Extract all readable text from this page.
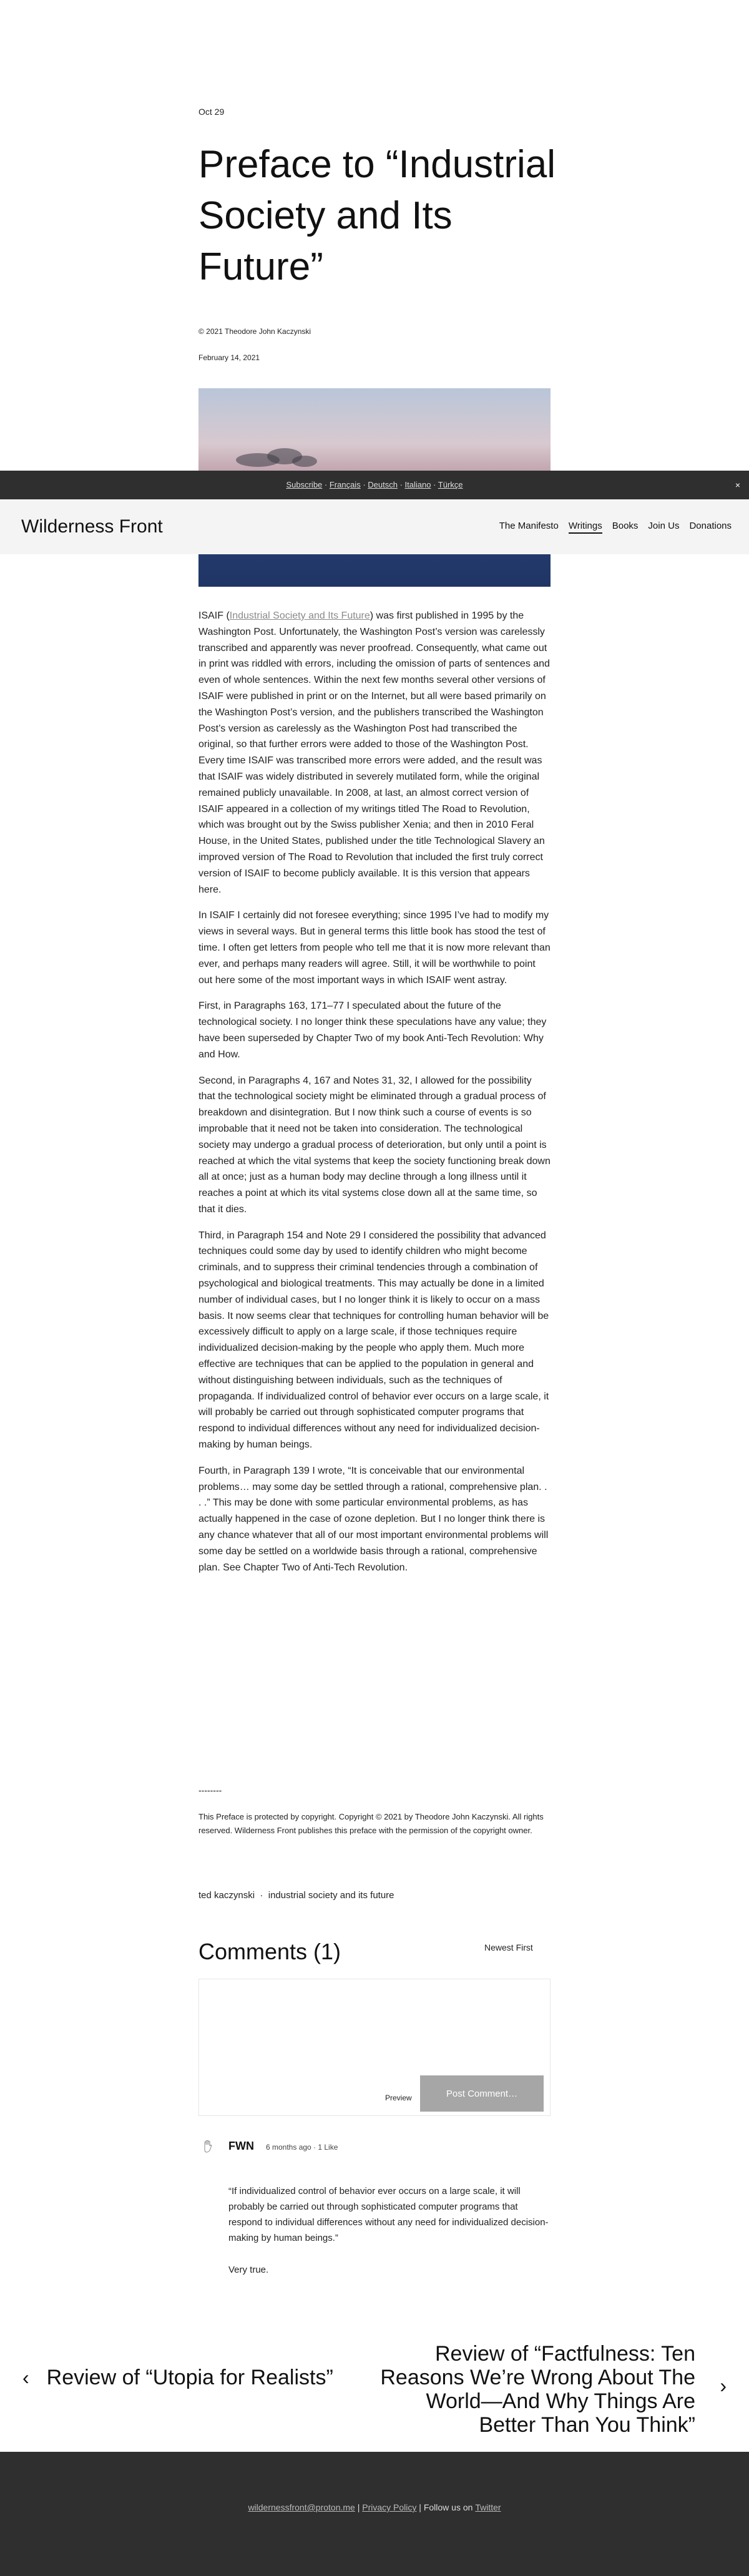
Oct 29
Preface to “Industrial Society and Its Future”
© 2021 Theodore John Kaczynski
February 14, 2021
Subscribe · Français · Deutsch · Italiano · Türkçe	×
Wilderness Front	The Manifesto Writings Books Join Us Donations

ISAIF (Industrial Society and Its Future) was first published in 1995 by the Washington Post. Unfortunately, the Washington Post’s version was carelessly transcribed and apparently was never proofread. Consequently, what came out in print was riddled with errors, including the omission of parts of sentences and even of whole sentences. Within the next few months several other versions of ISAIF were published in print or on the Internet, but all were based primarily on the Washington Post’s version, and the publishers transcribed the Washington Post’s version as carelessly as the Washington Post had transcribed the original, so that further errors were added to those of the Washington Post. Every time ISAIF was transcribed more errors were added, and the result was that ISAIF was widely distributed in severely mutilated form, while the original remained publicly unavailable. In 2008, at last, an almost correct version of ISAIF appeared in a collection of my writings titled The Road to Revolution, which was brought out by the Swiss publisher Xenia; and then in 2010 Feral House, in the United States, published under the title Technological Slavery an improved version of The Road to Revolution that included the first truly correct version of ISAIF to become publicly available. It is this version that appears here.

In ISAIF I certainly did not foresee everything; since 1995 I’ve had to modify my views in several ways. But in general terms this little book has stood the test of time. I often get letters from people who tell me that it is now more relevant than ever, and perhaps many readers will agree. Still, it will be worthwhile to point out here some of the most important ways in which ISAIF went astray.

First, in Paragraphs 163, 171–77 I speculated about the future of the technological society. I no longer think these speculations have any value; they have been superseded by Chapter Two of my book Anti-Tech Revolution: Why and How.

Second, in Paragraphs 4, 167 and Notes 31, 32, I allowed for the possibility that the technological society might be eliminated through a gradual process of breakdown and disintegration. But I now think such a course of events is so improbable that it need not be taken into consideration. The technological society may undergo a gradual process of deterioration, but only until a point is reached at which the vital systems that keep the society functioning break down all at once; just as a human body may decline through a long illness until it reaches a point at which its vital systems close down all at the same time, so that it dies.

Third, in Paragraph 154 and Note 29 I considered the possibility that advanced techniques could some day by used to identify children who might become criminals, and to suppress their criminal tendencies through a combination of psychological and biological treatments. This may actually be done in a limited number of individual cases, but I no longer think it is likely to occur on a mass basis. It now seems clear that techniques for controlling human behavior will be excessively difficult to apply on a large scale, if those techniques require individualized decision-making by the people who apply them. Much more effective are techniques that can be applied to the population in general and without distinguishing between individuals, such as the techniques of propaganda. If individualized control of behavior ever occurs on a large scale, it will probably be carried out through sophisticated computer programs that respond to individual differences without any need for individualized decision-making by human beings.

Fourth, in Paragraph 139 I wrote, “It is conceivable that our environmental problems… may some day be settled through a rational, comprehensive plan. . . .” This may be done with some particular environmental problems, as has actually happened in the case of ozone depletion. But I no longer think there is any chance whatever that all of our most important environmental problems will some day be settled on a worldwide basis through a rational, comprehensive plan. See Chapter Two of Anti-Tech Revolution.

--------
This Preface is protected by copyright. Copyright © 2021 by Theodore John Kaczynski. All rights reserved. Wilderness Front publishes this preface with the permission of the copyright owner.
ted kaczynski  ·  industrial society and its future
Comments (1)	Newest First
Preview	Post Comment…
FWN 6 months ago · 1 Like
“If individualized control of behavior ever occurs on a large scale, it will probably be carried out through sophisticated computer programs that respond to individual differences without any need for individualized decision-making by human beings.”
Very true.
‹ Review of “Utopia for Realists”
Review of “Factfulness: Ten Reasons We’re Wrong About The World—And Why Things Are Better Than You Think”
›
wildernessfront@proton.me | Privacy Policy | Follow us on Twitter
